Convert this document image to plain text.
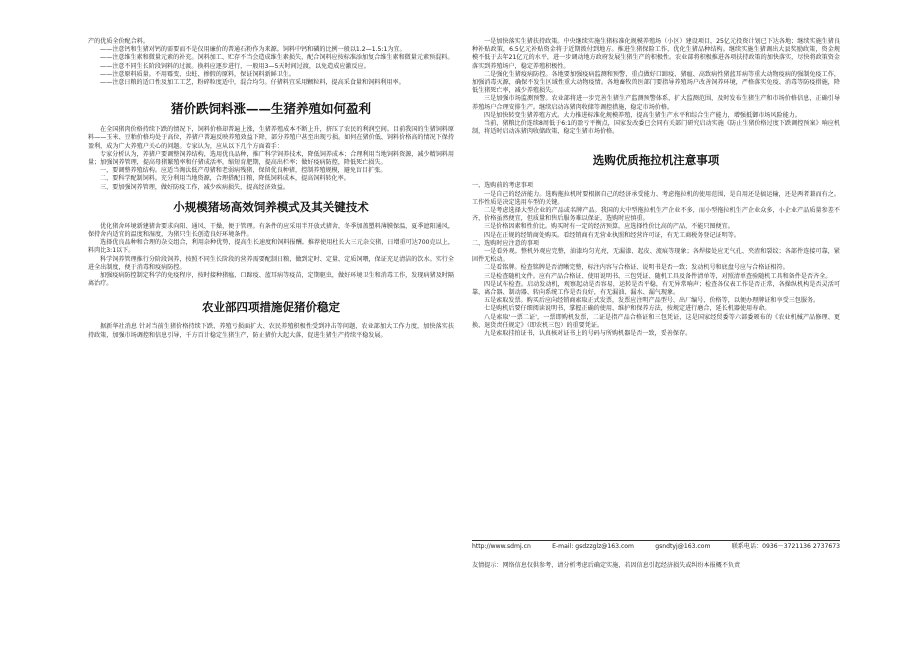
产的优质全价配合料。

——注意钙和生猪对钙的需要而不是仅用廉价的普通石粉作为来源。饲料中钙和磷的比例一般以1.2—1.5:1为宜。

——注意维生素和微量元素的补充。饲料加工、贮存不当会造成维生素损失，配合饲料应按标准添加复合维生素和微量元素预混料。

——注意不同生长阶段饲料的过渡。换料应逐步进行，一般用3—5天时间过渡，以免造成应激反应。

——注意原料质量。不用霉变、虫蛀、掺假的原料，保证饲料新鲜卫生。

——注意日粮的适口性及加工工艺，粉碎粒度适中，混合均匀。仔猪料宜采用颗粒料，提高采食量和饲料利用率。

猪价跌饲料涨——生猪养殖如何盈利

在全国猪肉价格持续下跌的情况下，饲料价格却普遍上涨，生猪养殖成本不断上升，挤压了农民的利润空间。目前我国的生猪饲料原料——玉米、豆粕价格均处于高位，养猪户普遍反映养殖效益下降，部分养殖户甚至出现亏损。如何在猪价低、饲料价格高的情况下保持盈利，成为广大养殖户关心的问题。专家认为，应从以下几个方面着手：

专家分析认为，养猪户要调整饲养结构，选用优良品种，推广科学饲养技术，降低饲养成本；合理利用当地饲料资源，减少精饲料用量；加强饲养管理，提高母猪繁殖率和仔猪成活率，缩短育肥期，提高出栏率；做好疫病防控，降低死亡损失。

一、要调整养殖结构。应适当淘汰低产母猪和老弱病残猪，保留优良种猪，控制养殖规模，避免盲目扩张。

二、要科学配制饲料。充分利用当地资源，合理搭配日粮，降低饲料成本，提高饲料转化率。

三、要加强饲养管理，做好防疫工作，减少疾病损失，提高经济效益。

小规模猪场高效饲养模式及其关键技术

优化猪舍环境新建猪舍要求向阳、通风、干燥，便于管理。有条件的应采用半开放式猪舍，冬季加盖塑料薄膜保温，夏季遮阳通风，保持舍内适宜的温度和湿度，为猪只生长创造良好环境条件。

选择优良品种和合理的杂交组合，利用杂种优势，提高生长速度和饲料报酬。推荐使用杜长大三元杂交猪，日增重可达700克以上，料肉比3:1以下。

科学饲养管理推行分阶段饲养，按照不同生长阶段的营养需要配制日粮，做到定时、定量、定质饲喂，保证充足清洁的饮水。实行全进全出制度，便于消毒和疫病防控。

加强疫病防控制定科学的免疫程序，按时接种猪瘟、口蹄疫、蓝耳病等疫苗，定期驱虫，做好环境卫生和消毒工作，发现病猪及时隔离治疗。

农业部四项措施促猪价稳定

据新华社消息 针对当前生猪价格持续下跌、养殖亏损面扩大、农民养殖积极性受到冲击等问题，农业部加大工作力度，加快落实扶持政策，加强市场调控和信息引导，千方百计稳定生猪生产，防止猪价大起大落，促进生猪生产持续平稳发展。

一是加快落实生猪扶持政策。中央继续实施生猪标准化规模养殖场（小区）建设项目，25亿元投资计划已下达各地；继续实施生猪良种补贴政策，6.5亿元补贴资金将于近期拨付到地方。推进生猪保险工作，优化生猪品种结构。继续实施生猪调出大县奖励政策，资金规模不低于去年21亿元的水平，进一步调动地方政府发展生猪生产的积极性。农业部将积极推进各项扶持政策的加快落实，尽快将政策资金落实到养殖场户，稳定养殖积极性。

二是强化生猪疫病防控。各地要加强疫病监测和预警，重点做好口蹄疫、猪瘟、高致病性猪蓝耳病等重大动物疫病的强制免疫工作，加强消毒灭源，确保不发生区域性重大动物疫情。各地畜牧兽医部门要指导养殖场户改善饲养环境，严格落实免疫、消毒等防疫措施，降低生猪死亡率，减少养殖损失。

三是加强市场监测预警。农业部将进一步完善生猪生产监测预警体系，扩大监测范围，及时发布生猪生产和市场价格信息，正确引导养殖场户合理安排生产。继续启动冻猪肉收储等调控措施，稳定市场价格。

四是加快转变生猪养殖方式。大力推进标准化规模养殖，提高生猪生产水平和综合生产能力，增强抵御市场风险能力。

当前，猪粮比价连续8周低于6:1的盈亏平衡点，国家发改委已会同有关部门研究启动实施《防止生猪价格过度下跌调控预案》响应机制，将适时启动冻猪肉收储政策，稳定生猪市场价格。

选购优质拖拉机注意事项

一、选购前的考虑事项

一是自己的经济能力。选购拖拉机时要根据自己的经济承受能力、考虑拖拉机的使用范围，是自用还是搞运输，还是两者兼而有之。工作性质是决定选用车型的关键。

二是考虑选择大型企业的产品或名牌产品。我国的大中型拖拉机生产企业不多，而小型拖拉机生产企业众多，小企业产品质量参差不齐，价格虽然便宜，但质量和售后服务难以保证，选购时应慎重。

三是价格因素和性价比。购买时有一定的经济预算，应选择性价比高的产品，不能只图便宜。

四是在正规的经销商处购买。看经销商有无营业执照和经营许可证，有无工商税务登记证明等。

二、选购时应注意的事项

一是看外观。整机外观应完整，油漆均匀光亮，无漏漆、起皮、流痕等现象；各焊接处应无气孔、夹渣和裂纹；各部件连接可靠，紧固件无松动。

二是看铭牌。检查铭牌是否清晰完整，标注内容与合格证、说明书是否一致；发动机号和底盘号应与合格证相符。

三是检查随机文件。应有产品合格证、使用说明书、三包凭证、随机工具及备件清单等，对照清单查验随机工具和备件是否齐全。

四是试车检查。启动发动机，观察起动是否容易，运转是否平稳，有无异常响声；检查各仪表工作是否正常，各操纵机构是否灵活可靠，离合器、制动器、转向系统工作是否良好，有无漏油、漏水、漏气现象。

五是索取发票。购买后应向经销商索取正式发票，发票应注明产品型号、出厂编号、价格等，以便办理牌证和享受三包服务。

七是购机后要仔细阅读说明书，掌握正确的使用、维护和保养方法，按规定进行磨合，延长机器使用寿命。

八是索取'一票二证'，一票即购机发票，二证是指产品合格证和三包凭证，这是国家经贸委等六部委颁布的《农业机械产品修理、更换、退货责任规定》（即农机三包）的重要凭证。

九是索取挂拍证书，认真核对证书上的号码与所购机器是否一致，妥善保存。

http://www.sdmj.cn	E-mail: gsdzzglz@163.com	gsndtyj@163.com	联系电话：0936－3721136 2737673
友情提示：网络信息仅供参考，请分析考虑后确定实施，若因信息引起经济损失或纠纷本报概不负责
